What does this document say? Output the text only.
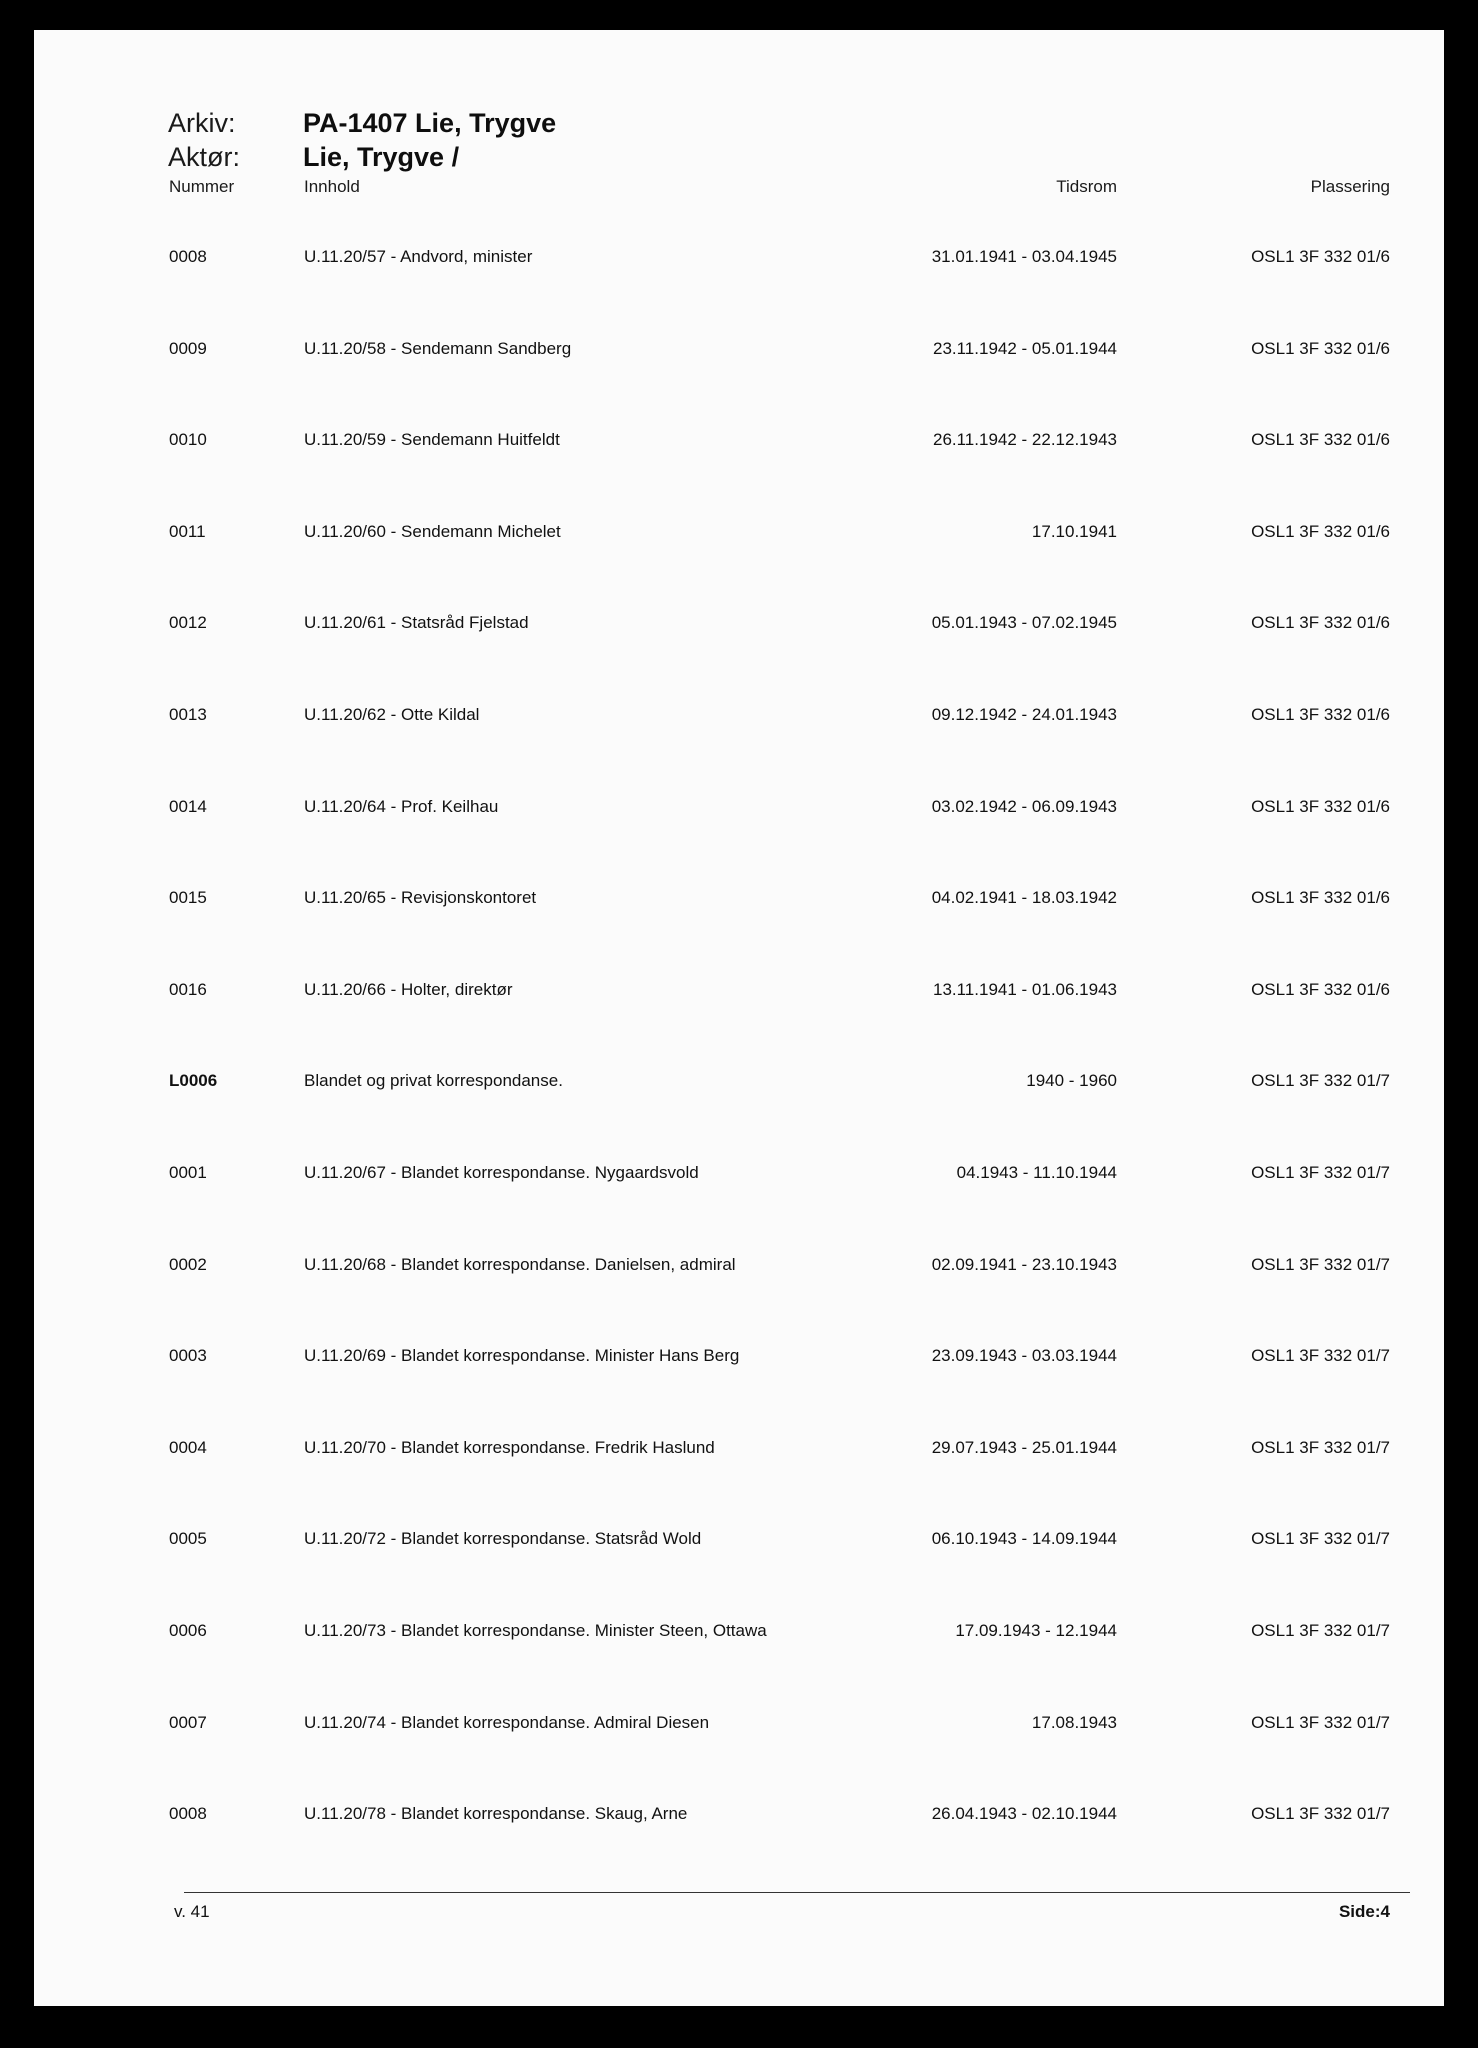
Arkiv:	PA-1407 Lie, Trygve
Aktør: Lie, Trygve /
Nummer	Innhold	Tidsrom	Plassering
0008	U.11.20/57 - Andvord, minister	31.01.1941 - 03.04.1945	OSL1 3F 332 01/6
0009	U.11.20/58 - Sendemann Sandberg	23.11.1942 - 05.01.1944	OSL1 3F 332 01/6
0010	U.11.20/59 - Sendemann Huitfeldt	26.11.1942 - 22.12.1943	OSL1 3F 332 01/6
0011	U.11.20/60 - Sendemann Michelet	17.10.1941	OSL1 3F 332 01/6
0012	U.11.20/61 - Statsråd Fjelstad	05.01.1943 - 07.02.1945	OSL1 3F 332 01/6
0013	U.11.20/62 - Otte Kildal	09.12.1942 - 24.01.1943	OSL1 3F 332 01/6
0014	U.11.20/64 - Prof. Keilhau	03.02.1942 - 06.09.1943	OSL1 3F 332 01/6
0015	U.11.20/65 - Revisjonskontoret	04.02.1941 - 18.03.1942	OSL1 3F 332 01/6
0016	U.11.20/66 - Holter, direktør	13.11.1941 - 01.06.1943	OSL1 3F 332 01/6
L0006	Blandet og privat korrespondanse.	1940 - 1960	OSL1 3F 332 01/7
0001	U.11.20/67 - Blandet korrespondanse. Nygaardsvold	04.1943 - 11.10.1944	OSL1 3F 332 01/7
0002	U.11.20/68 - Blandet korrespondanse. Danielsen, admiral	02.09.1941 - 23.10.1943	OSL1 3F 332 01/7
0003	U.11.20/69 - Blandet korrespondanse. Minister Hans Berg	23.09.1943 - 03.03.1944	OSL1 3F 332 01/7
0004	U.11.20/70 - Blandet korrespondanse. Fredrik Haslund	29.07.1943 - 25.01.1944	OSL1 3F 332 01/7
0005	U.11.20/72 - Blandet korrespondanse. Statsråd Wold	06.10.1943 - 14.09.1944	OSL1 3F 332 01/7
0006	U.11.20/73 - Blandet korrespondanse. Minister Steen, Ottawa	17.09.1943 - 12.1944	OSL1 3F 332 01/7
0007	U.11.20/74 - Blandet korrespondanse. Admiral Diesen	17.08.1943	OSL1 3F 332 01/7
0008	U.11.20/78 - Blandet korrespondanse. Skaug, Arne	26.04.1943 - 02.10.1944	OSL1 3F 332 01/7
v. 41	Side:4
